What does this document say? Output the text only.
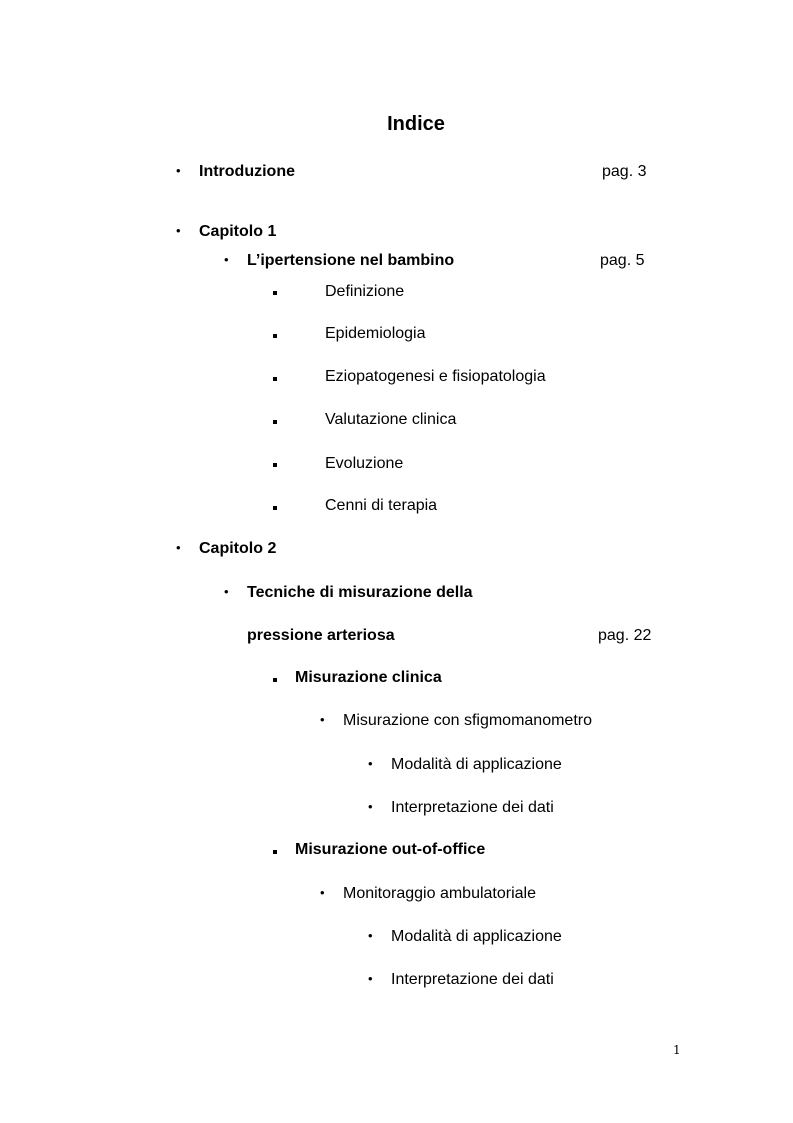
Indice
• Introduzione	pag. 3
• Capitolo 1
• L’ipertensione nel bambino	pag. 5
Definizione
Epidemiologia
Eziopatogenesi e fisiopatologia
Valutazione clinica
Evoluzione
Cenni di terapia
• Capitolo 2
• Tecniche di misurazione della
pressione arteriosa	pag. 22
Misurazione clinica
• Misurazione con sfigmomanometro
• Modalità di applicazione
• Interpretazione dei dati
Misurazione out-of-office
• Monitoraggio ambulatoriale
• Modalità di applicazione
• Interpretazione dei dati
1
